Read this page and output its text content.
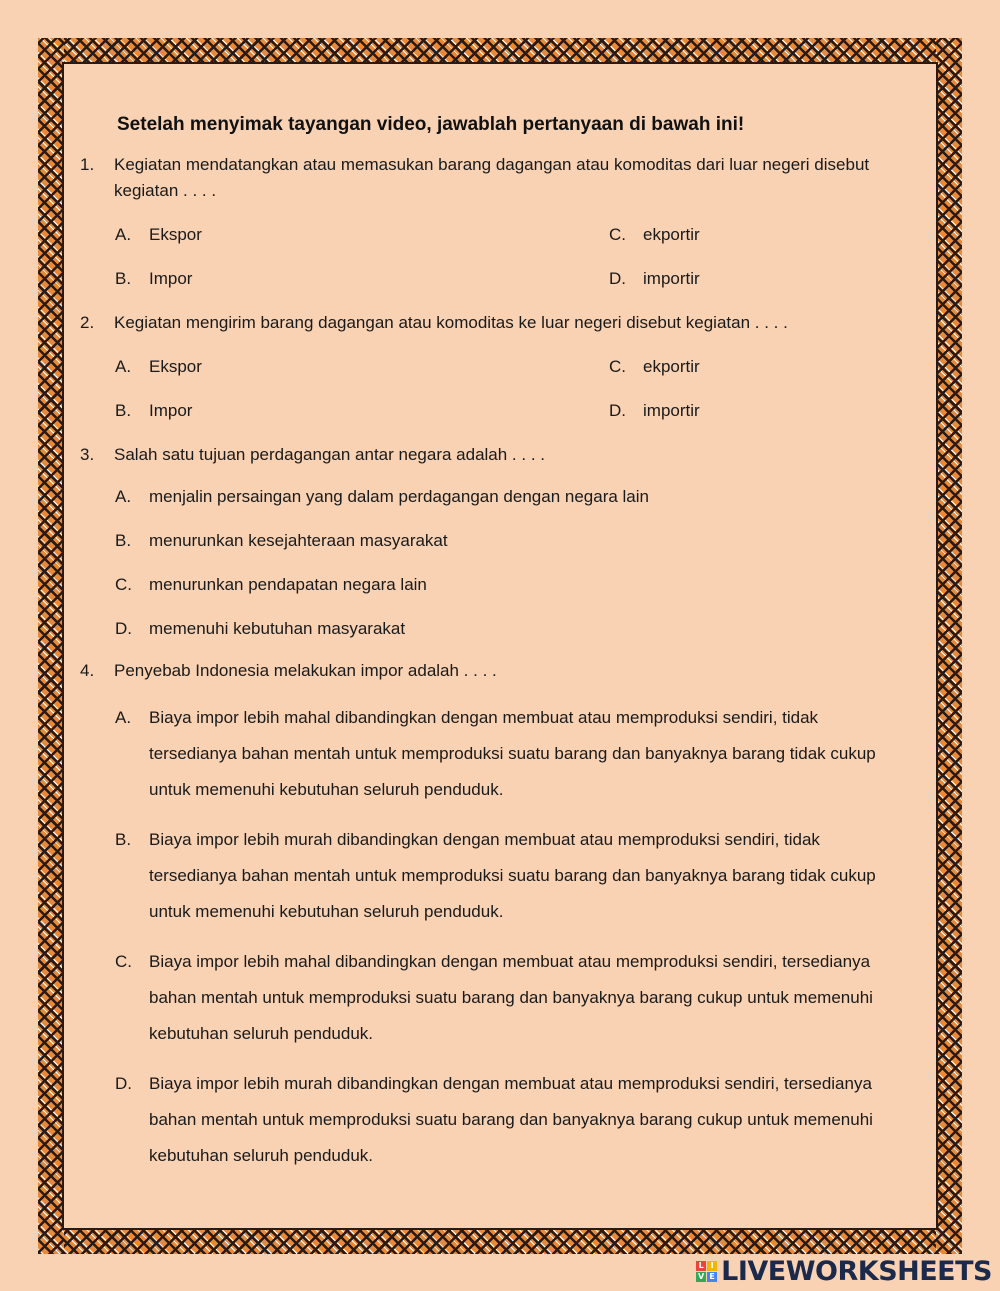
Setelah menyimak tayangan video, jawablah pertanyaan di bawah ini!
1.	Kegiatan mendatangkan atau memasukan barang dagangan atau komoditas dari luar negeri disebut kegiatan . . . .
A.	Ekspor	C.	ekportir
B.	Impor	D.	importir
2.	Kegiatan mengirim barang dagangan atau komoditas ke luar negeri disebut kegiatan . . . .
A.	Ekspor	C.	ekportir
B.	Impor	D.	importir
3.	Salah satu tujuan perdagangan antar negara adalah . . . .
A.	menjalin persaingan yang dalam perdagangan dengan negara lain
B.	menurunkan kesejahteraan masyarakat
C.	menurunkan pendapatan negara lain
D.	memenuhi kebutuhan masyarakat
4.	Penyebab Indonesia melakukan impor adalah . . . .
A.	Biaya impor lebih mahal dibandingkan dengan membuat atau memproduksi sendiri, tidak tersedianya bahan mentah untuk memproduksi suatu barang dan banyaknya barang tidak cukup untuk memenuhi kebutuhan seluruh penduduk.
B.	Biaya impor lebih murah dibandingkan dengan membuat atau memproduksi sendiri, tidak tersedianya bahan mentah untuk memproduksi suatu barang dan banyaknya barang tidak cukup untuk memenuhi kebutuhan seluruh penduduk.
C.	Biaya impor lebih mahal dibandingkan dengan membuat atau memproduksi sendiri, tersedianya bahan mentah untuk memproduksi suatu barang dan banyaknya barang cukup untuk memenuhi kebutuhan seluruh penduduk.
D.	Biaya impor lebih murah dibandingkan dengan membuat atau memproduksi sendiri, tersedianya bahan mentah untuk memproduksi suatu barang dan banyaknya barang cukup untuk memenuhi kebutuhan seluruh penduduk.
L I
V E LIVEWORKSHEETS
